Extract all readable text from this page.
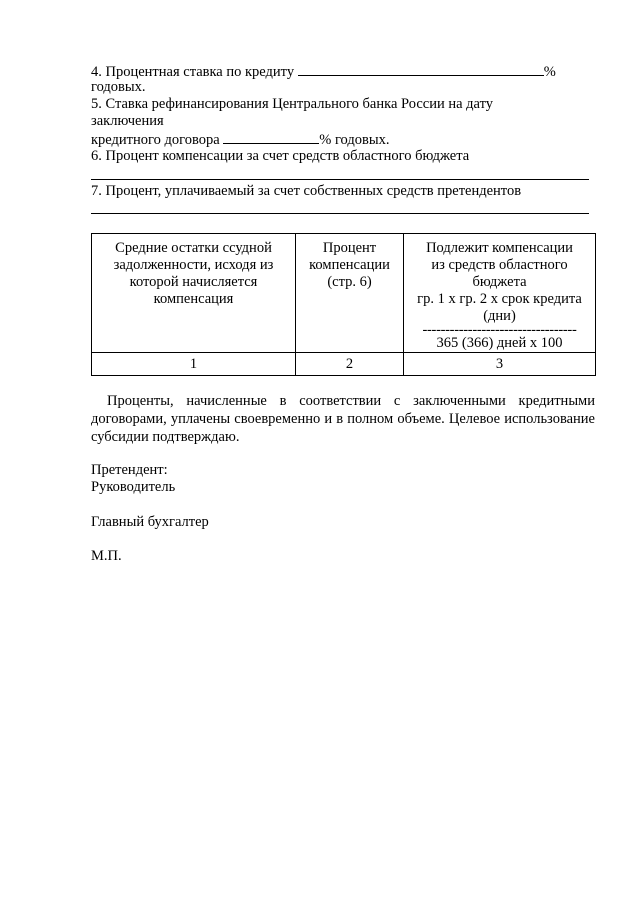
4. Процентная ставка по кредиту	%
годовых.
5. Ставка рефинансирования Центрального банка России на дату
заключения
кредитного договора	% годовых.
6. Процент компенсации за счет средств областного бюджета
7. Процент, уплачиваемый за счет собственных средств претендентов
Средние остатки ссудной задолженности, исходя из которой начисляется компенсация	Процент компенсации (стр. 6)	Подлежит компенсации
из средств областного бюджета
гр. 1 х гр. 2 х срок кредита (дни)
----------------------------------
365 (366) дней х 100

1	2	3
Проценты, начисленные в соответствии с заключенными кредитными договорами, уплачены своевременно и в полном объеме. Целевое использование субсидии подтверждаю.
Претендент:
Руководитель
Главный бухгалтер
М.П.
